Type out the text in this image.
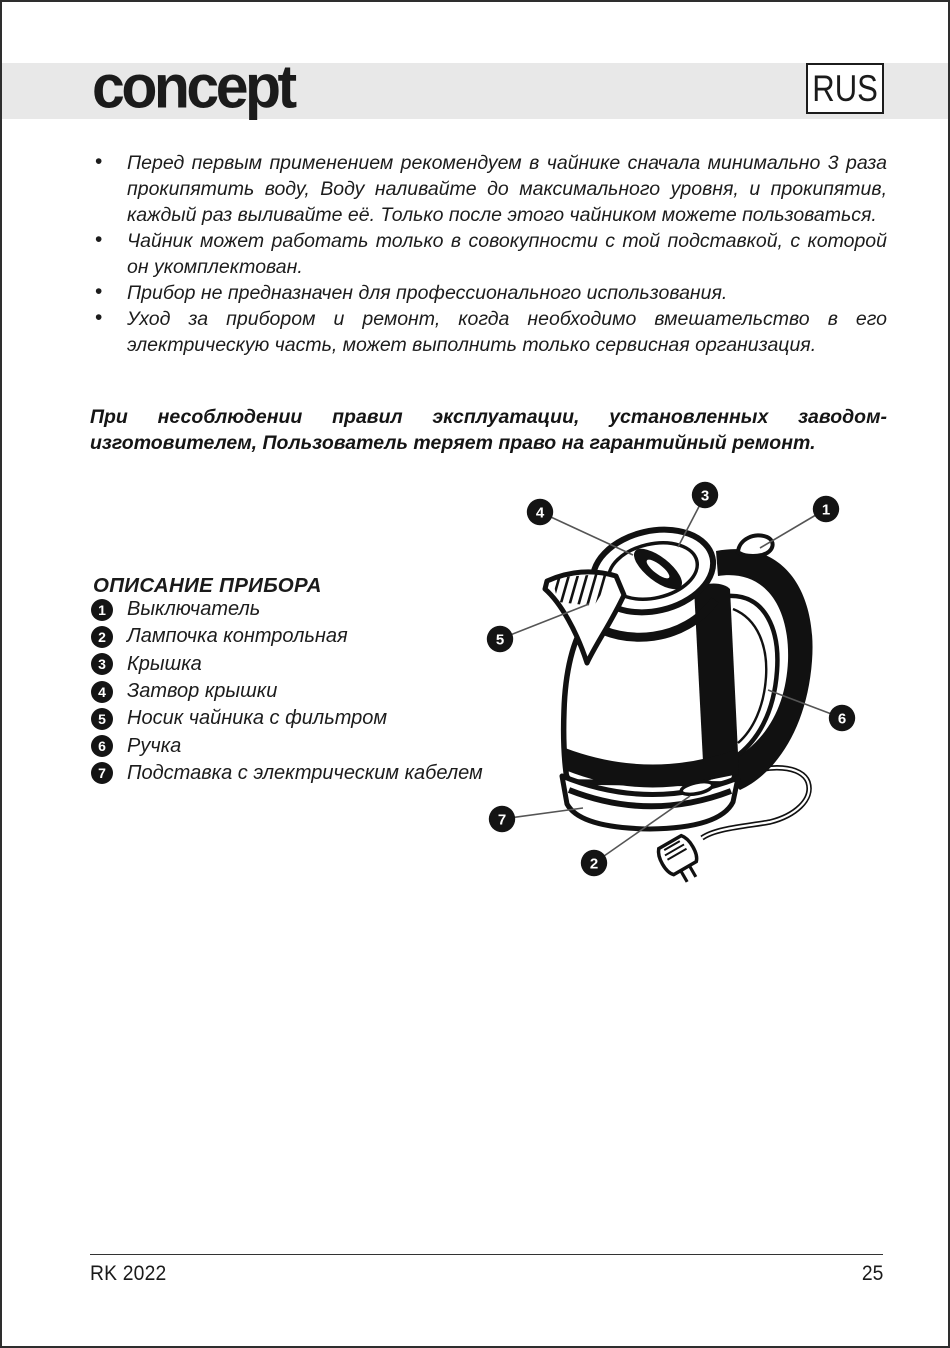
concept	RUS
• Перед первым применением рекомендуем в чайнике сначала минимально 3 раза прокипятить воду, Воду наливайте до максимального уровня, и прокипятив, каждый раз выливайте её. Только после этого чайником можете пользоваться.
• Чайник может работать только в совокупности с той подставкой, с которой он укомплектован.
• Прибор не предназначен для профессионального использования.
• Уход за прибором и ремонт, когда необходимо вмешательство в его электрическую часть, может выполнить только сервисная организация.

При несоблюдении правил эксплуатации, установленных заводом-изготовителем, Пользователь теряет право на гарантийный ремонт.

ОПИСАНИЕ ПРИБОРА
1	Выключатель
2	Лампочка контрольная
3	Крышка
4	Затвор крышки
5	Носик чайника с фильтром
6	Ручка
7	Подставка с электрическим кабелем
1
2
3
4
5
6
7
RK 2022	25
